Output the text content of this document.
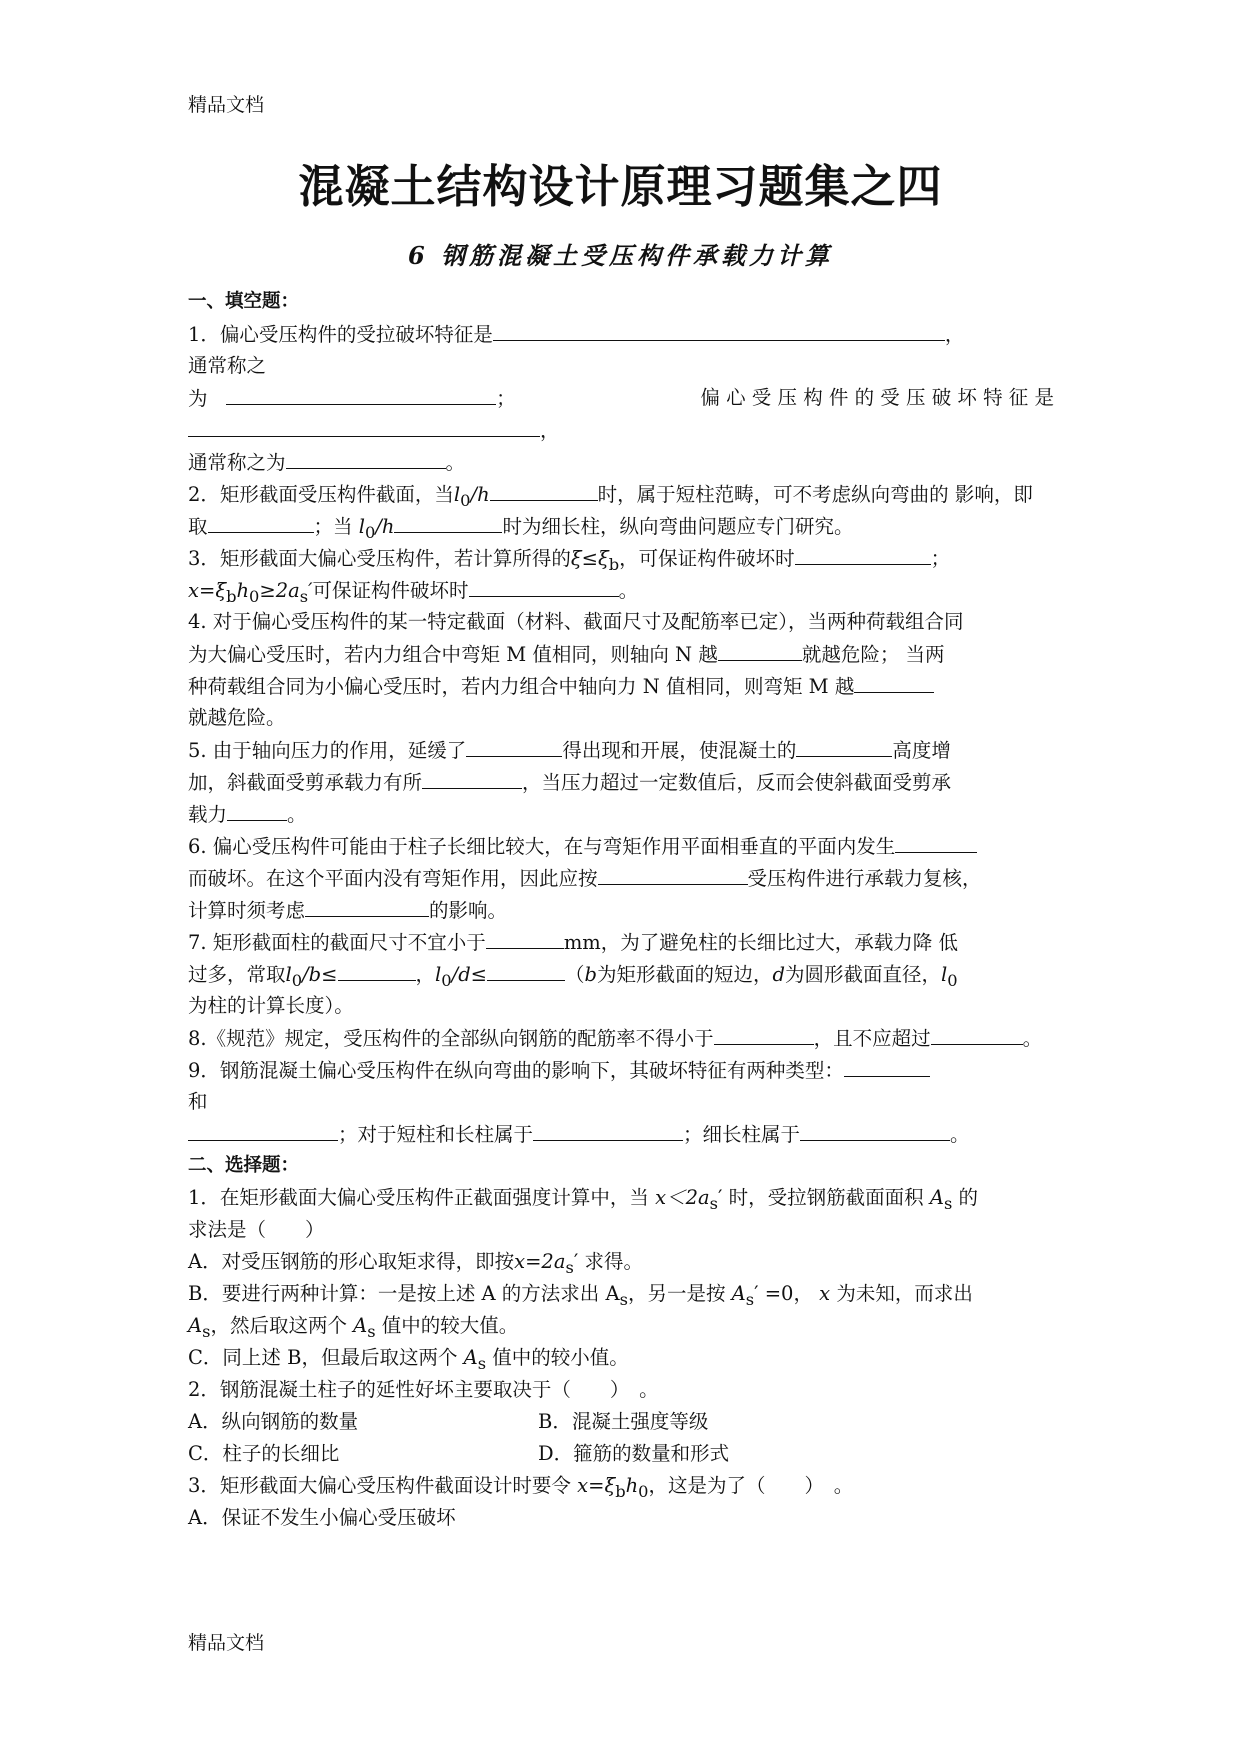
精品文档
混凝土结构设计原理习题集之四
6 钢筋混凝土受压构件承载力计算
一、填空题：
1．偏心受压构件的受拉破坏特征是	，
通常称之
为	；	偏 心 受 压 构 件 的 受 压 破 坏 特 征 是
，
通常称之为	。
2．矩形截面受压构件截面，当$l_0/h$	时，属于短柱范畴，可不考虑纵向弯曲的 影响，即
取	；当 $l_0/h$	时为细长柱，纵向弯曲问题应专门研究。
3．矩形截面大偏心受压构件，若计算所得的$\xi\le\xi_b$，可保证构件破坏时	；
$x=\xi_bh_0\ge 2a_s'$可保证构件破坏时	。
4. 对于偏心受压构件的某一特定截面（材料、截面尺寸及配筋率已定），当两种荷载组合同
为大偏心受压时，若内力组合中弯矩 M 值相同，则轴向 N 越	就越危险； 当两
种荷载组合同为小偏心受压时，若内力组合中轴向力 N 值相同，则弯矩 M 越
就越危险。
5. 由于轴向压力的作用，延缓了	得出现和开展，使混凝土的	高度增
加，斜截面受剪承载力有所	，当压力超过一定数值后，反而会使斜截面受剪承
载力	。
6. 偏心受压构件可能由于柱子长细比较大，在与弯矩作用平面相垂直的平面内发生
而破坏。在这个平面内没有弯矩作用，因此应按	受压构件进行承载力复核，
计算时须考虑	的影响。
7. 矩形截面柱的截面尺寸不宜小于	mm，为了避免柱的长细比过大，承载力降 低
过多，常取$l_0/b\le$	，$l_0/d\le$	（b为矩形截面的短边，d为圆形截面直径，$l_0$
为柱的计算长度）。
8.《规范》规定，受压构件的全部纵向钢筋的配筋率不得小于	，且不应超过	。
9．钢筋混凝土偏心受压构件在纵向弯曲的影响下，其破坏特征有两种类型：
和
；对于短柱和长柱属于	；细长柱属于	。
二、选择题：
1．在矩形截面大偏心受压构件正截面强度计算中，当 $x<2a_s'$ 时，受拉钢筋截面面积 $A_s$ 的
求法是（　　）
A．对受压钢筋的形心取矩求得，即按$x=2a_s'$ 求得。
B．要进行两种计算：一是按上述 A 的方法求出 $A_s$，另一是按 $A_s' =0$， x 为未知，而求出
$A_s$，然后取这两个 $A_s$ 值中的较大值。
C．同上述 B，但最后取这两个 $A_s$ 值中的较小值。
2．钢筋混凝土柱子的延性好坏主要取决于（　　）　。
A．纵向钢筋的数量	B．混凝土强度等级
C．柱子的长细比	D．箍筋的数量和形式
3．矩形截面大偏心受压构件截面设计时要令 $x=\xi_bh_0$，这是为了（　　）　。
A．保证不发生小偏心受压破坏
精品文档
